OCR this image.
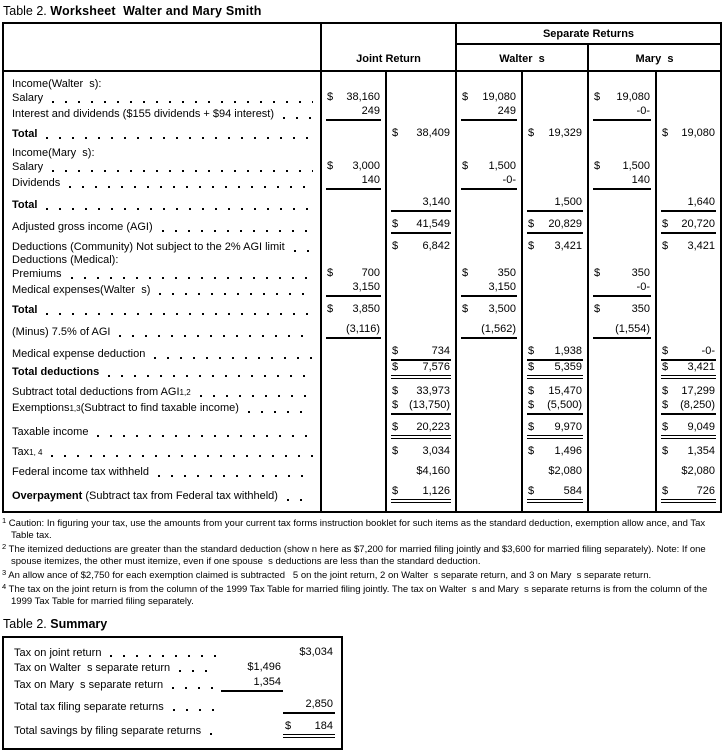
Table 2. Worksheet  Walter and Mary Smith
Separate Returns
Joint Return	Walter  s	Mary  s
Income(Walter  s):
Salary	$ 38,160	$ 19,080	$ 19,080
Interest and dividends ($155 dividends + $94 interest)	249	249	-0-
Total	$ 38,409	$ 19,329	$ 19,080
Income(Mary  s):
Salary	$ 3,000	$ 1,500	$ 1,500
Dividends	140	-0-	140
Total	3,140	1,500	1,640
Adjusted gross income (AGI)	$ 41,549	$ 20,829	$ 20,720
Deductions (Community) Not subject to the 2% AGI limit	$ 6,842	$ 3,421	$ 3,421
Deductions (Medical):
Premiums	$	700	$	350	$	350
Medical expenses(Walter  s)	3,150	3,150	-0-
Total	$ 3,850	$ 3,500	$	350
(Minus) 7.5% of AGI	(3,116)	(1,562)	(1,554)
Medical expense deduction	$	734	$ 1,938	$	-0-
Total deductions	$ 7,576	$ 5,359	$ 3,421
Subtract total deductions from AGI 1,2	$ 33,973	$ 15,470	$ 17,299
Exemptions 1,3 (Subtract to find taxable income)	$ (13,750)	$ (5,500)	$ (8,250)
Taxable income	$ 20,223	$ 9,970	$ 9,049
Tax 1, 4	$ 3,034	$ 1,496	$ 1,354
Federal income tax withheld	$4,160	$2,080	$2,080
Overpayment (Subtract tax from Federal tax withheld)	$ 1,126	$	584	$	726
$^1$ Caution: In figuring your tax, use the amounts from your current tax forms instruction booklet for such items as the standard deduction, exemption allow ance, and Tax Table tax.
$^2$ The itemized deductions are greater than the standard deduction (show n here as $7,200 for married filing jointly and $3,600 for married filing separately). Note: If one spouse itemizes, the other must itemize, even if one spouse  s deductions are less than the standard deduction.
$^3$ An allow ance of $2,750 for each exemption claimed is subtracted   5 on the joint return, 2 on Walter  s separate return, and 3 on Mary  s separate return.
$^4$ The tax on the joint return is from the column of the 1999 Tax Table for married filing jointly. The tax on Walter  s and Mary  s separate returns is from the column of the 1999 Tax Table for married filing separately.
Table 2. Summary
Tax on joint return	$3,034
Tax on Walter  s separate return	$1,496
Tax on Mary  s separate return	1,354
Total tax filing separate returns	2,850
Total savings by filing separate returns	$ 184
